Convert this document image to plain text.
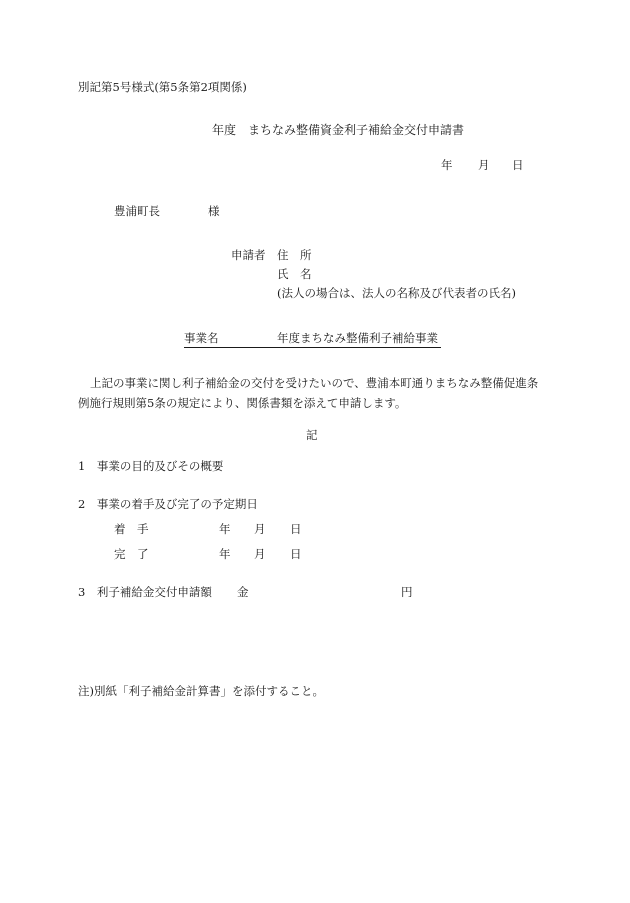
別記第5号様式(第5条第2項関係)
年度　まちなみ整備資金利子補給金交付申請書
年 月 日
豊浦町長	様
申請者 住　所
氏　名
(法人の場合は、法人の名称及び代表者の氏名)
事業名	年度まちなみ整備利子補給事業
上記の事業に関し利子補給金の交付を受けたいので、豊浦本町通りまちなみ整備促進条
例施行規則第5条の規定により、関係書類を添えて申請します。
記
1　事業の目的及びその概要
2　事業の着手及び完了の予定期日
着　手	年 月 日
完　了	年 月 日
3　利子補給金交付申請額 金	円
注)別紙「利子補給金計算書」を添付すること。
